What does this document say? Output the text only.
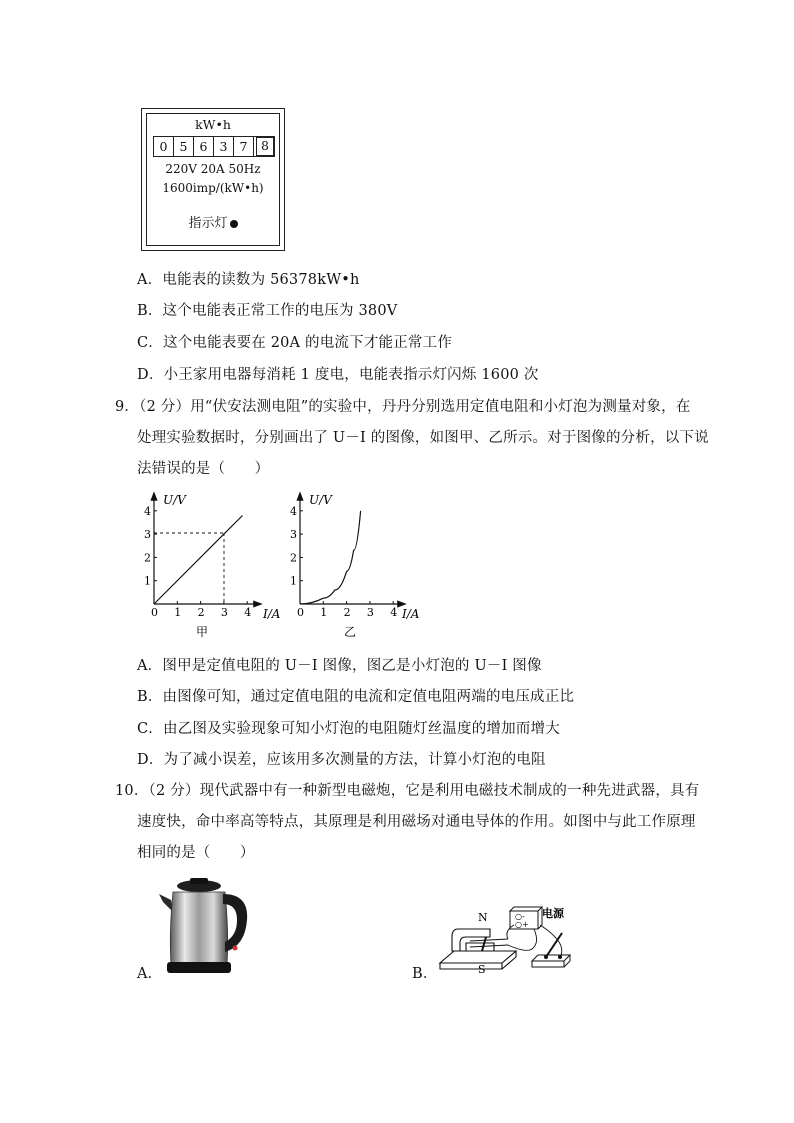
kW•h
0 5 6 3 7	8
220V 20A 50Hz
1600imp/(kW•h)
指示灯
A．电能表的读数为 56378kW•h
B．这个电能表正常工作的电压为 380V
C．这个电能表要在 20A 的电流下才能正常工作
D．小王家用电器每消耗 1 度电，电能表指示灯闪烁 1600 次
9．（2 分）用“伏安法测电阻”的实验中，丹丹分别选用定值电阻和小灯泡为测量对象，在
处理实验数据时，分别画出了 U－I 的图像，如图甲、乙所示。对于图像的分析，以下说
法错误的是（　　）
U/V
I/A
0
1
2
3
4
1 2 3 4
甲
U/V
I/A
0
1
2
3
4
1 2 3 4
乙
A．图甲是定值电阻的 U－I 图像，图乙是小灯泡的 U－I 图像
B．由图像可知，通过定值电阻的电流和定值电阻两端的电压成正比
C．由乙图及实验现象可知小灯泡的电阻随灯丝温度的增加而增大
D．为了减小误差，应该用多次测量的方法，计算小灯泡的电阻
10．（2 分）现代武器中有一种新型电磁炮，它是利用电磁技术制成的一种先进武器，具有
速度快，命中率高等特点，其原理是利用磁场对通电导体的作用。如图中与此工作原理
相同的是（　　）
A．	B．
N
S
○-
○+
电源
